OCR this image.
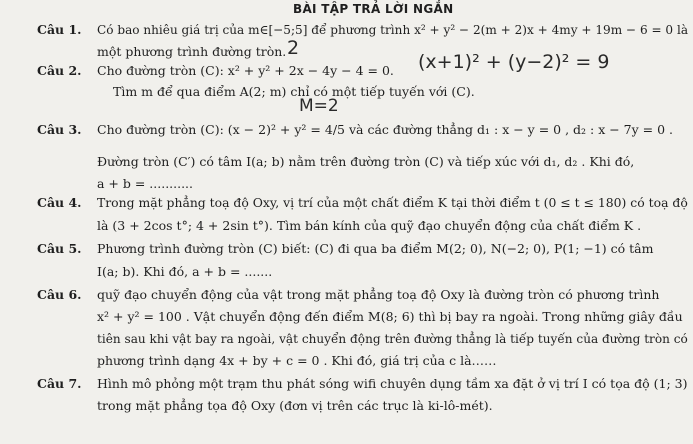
BÀI TẬP TRẢ LỜI NGẮN
Câu 1. Có bao nhiêu giá trị của m∈[−5;5] để phương trình x² + y² − 2(m + 2)x + 4my + 19m − 6 = 0 là
một phương trình đường tròn. 2
Câu 2. Cho đường tròn (C): x² + y² + 2x − 4y − 4 = 0. (x+1)² + (y−2)² = 9
Tìm m để qua điểm A(2; m) chỉ có một tiếp tuyến với (C).
M=2
Câu 3. Cho đường tròn (C): (x − 2)² + y² = 4/5 và các đường thẳng d₁ : x − y = 0 , d₂ : x − 7y = 0 .
Đường tròn (C′) có tâm I(a; b) nằm trên đường tròn (C) và tiếp xúc với d₁, d₂ . Khi đó,
a + b = ...........
Câu 4. Trong mặt phẳng toạ độ Oxy, vị trí của một chất điểm K tại thời điểm t (0 ≤ t ≤ 180) có toạ độ
là (3 + 2cos t°; 4 + 2sin t°). Tìm bán kính của quỹ đạo chuyển động của chất điểm K .
Câu 5. Phương trình đường tròn (C) biết: (C) đi qua ba điểm M(2; 0), N(−2; 0), P(1; −1) có tâm
I(a; b). Khi đó, a + b = .......
Câu 6. quỹ đạo chuyển động của vật trong mặt phẳng toạ độ Oxy là đường tròn có phương trình
x² + y² = 100 . Vật chuyển động đến điểm M(8; 6) thì bị bay ra ngoài. Trong những giây đầu
tiên sau khi vật bay ra ngoài, vật chuyển động trên đường thẳng là tiếp tuyến của đường tròn có
phương trình dạng 4x + by + c = 0 . Khi đó, giá trị của c là……
Câu 7. Hình mô phỏng một trạm thu phát sóng wifi chuyên dụng tầm xa đặt ở vị trí I có tọa độ (1; 3)
trong mặt phẳng tọa độ Oxy (đơn vị trên các trục là ki-lô-mét).
